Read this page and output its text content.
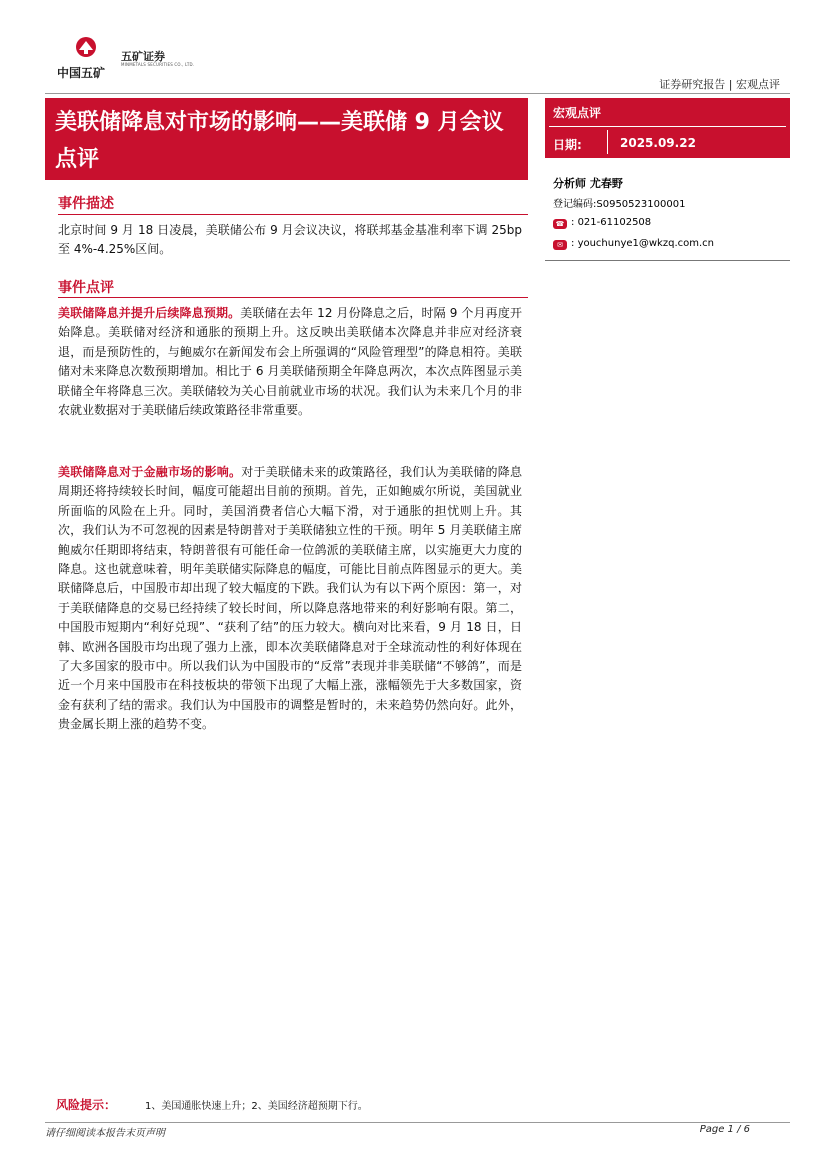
中国五矿
五矿证券
MINMETALS SECURITIES CO., LTD.
证券研究报告 | 宏观点评
美联储降息对市场的影响——美联储 9 月会议点评
宏观点评
日期:	2025.09.22
分析师 尤春野
登记编码:S0950523100001
☎ : 021-61102508
✉ : youchunye1@wkzq.com.cn
事件描述
北京时间 9 月 18 日凌晨，美联储公布 9 月会议决议，将联邦基金基准利率下调 25bp 至 4%-4.25%区间。
事件点评
美联储降息并提升后续降息预期。美联储在去年 12 月份降息之后，时隔 9 个月再度开始降息。美联储对经济和通胀的预期上升。这反映出美联储本次降息并非应对经济衰退，而是预防性的，与鲍威尔在新闻发布会上所强调的“风险管理型”的降息相符。美联储对未来降息次数预期增加。相比于 6 月美联储预期全年降息两次，本次点阵图显示美联储全年将降息三次。美联储较为关心目前就业市场的状况。我们认为未来几个月的非农就业数据对于美联储后续政策路径非常重要。
美联储降息对于金融市场的影响。对于美联储未来的政策路径，我们认为美联储的降息周期还将持续较长时间，幅度可能超出目前的预期。首先，正如鲍威尔所说，美国就业所面临的风险在上升。同时，美国消费者信心大幅下滑，对于通胀的担忧则上升。其次，我们认为不可忽视的因素是特朗普对于美联储独立性的干预。明年 5 月美联储主席鲍威尔任期即将结束，特朗普很有可能任命一位鸽派的美联储主席，以实施更大力度的降息。这也就意味着，明年美联储实际降息的幅度，可能比目前点阵图显示的更大。美联储降息后，中国股市却出现了较大幅度的下跌。我们认为有以下两个原因：第一，对于美联储降息的交易已经持续了较长时间，所以降息落地带来的利好影响有限。第二，中国股市短期内“利好兑现”、“获利了结”的压力较大。横向对比来看，9 月 18 日，日韩、欧洲各国股市均出现了强力上涨，即本次美联储降息对于全球流动性的利好体现在了大多国家的股市中。所以我们认为中国股市的“反常”表现并非美联储“不够鸽”，而是近一个月来中国股市在科技板块的带领下出现了大幅上涨，涨幅领先于大多数国家，资金有获利了结的需求。我们认为中国股市的调整是暂时的，未来趋势仍然向好。此外，贵金属长期上涨的趋势不变。
风险提示：	1、美国通胀快速上升；2、美国经济超预期下行。
请仔细阅读本报告末页声明	Page 1 / 6
